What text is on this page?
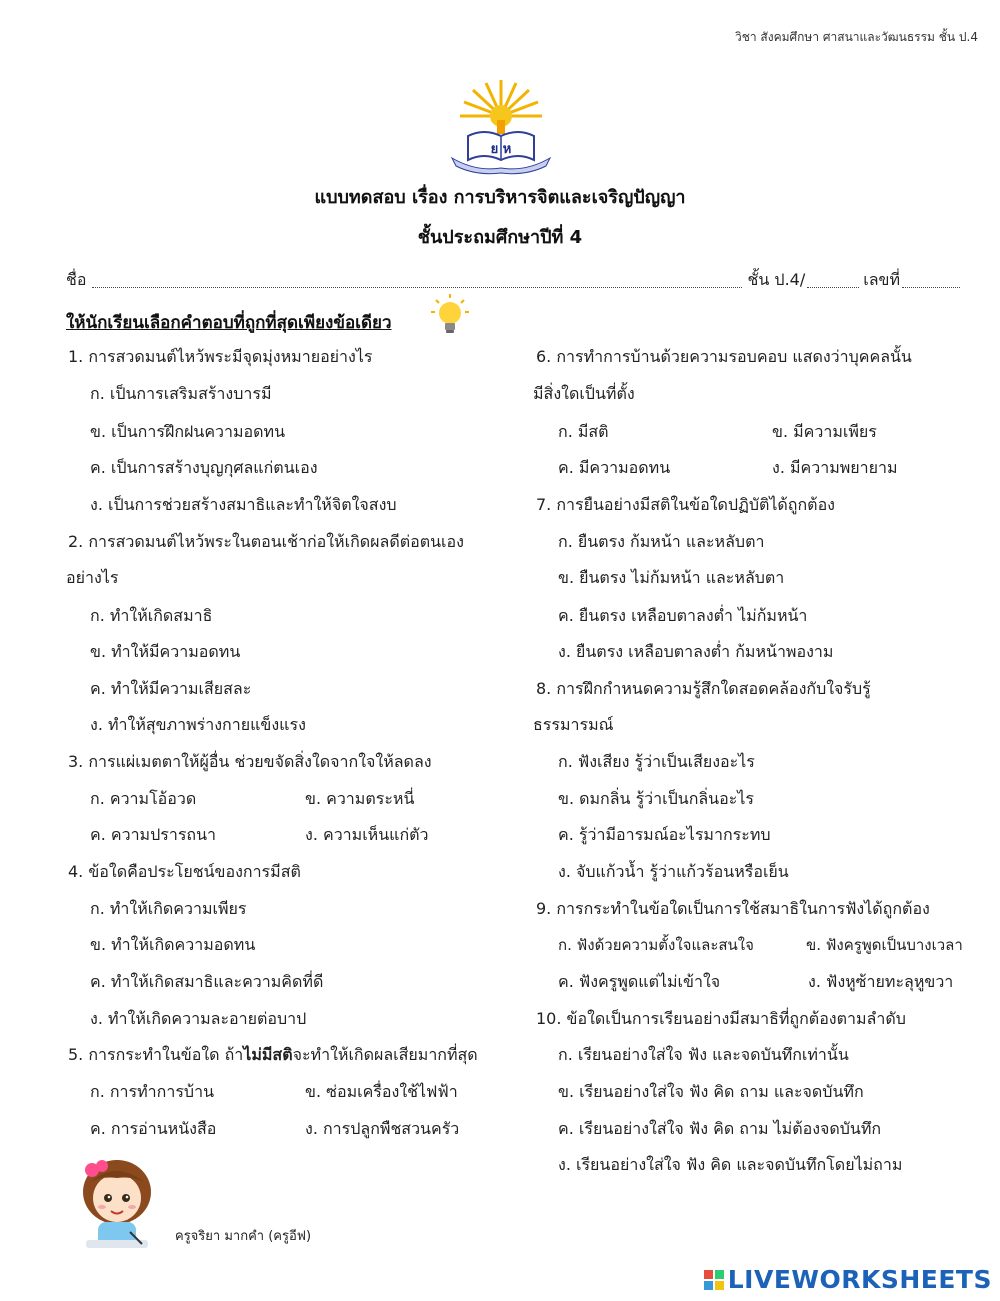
วิชา สังคมศึกษา ศาสนาและวัฒนธรรม ชั้น ป.4
ย ห
แบบทดสอบ เรื่อง การบริหารจิตและเจริญปัญญา
ชั้นประถมศึกษาปีที่ 4
ชื่อ	ชั้น ป.4/	เลขที่
ให้นักเรียนเลือกคำตอบที่ถูกที่สุดเพียงข้อเดียว
1. การสวดมนต์ไหว้พระมีจุดมุ่งหมายอย่างไร
ก. เป็นการเสริมสร้างบารมี
ข. เป็นการฝึกฝนความอดทน
ค. เป็นการสร้างบุญกุศลแก่ตนเอง
ง. เป็นการช่วยสร้างสมาธิและทำให้จิตใจสงบ
2. การสวดมนต์ไหว้พระในตอนเช้าก่อให้เกิดผลดีต่อตนเอง
อย่างไร
ก. ทำให้เกิดสมาธิ
ข. ทำให้มีความอดทน
ค. ทำให้มีความเสียสละ
ง. ทำให้สุขภาพร่างกายแข็งแรง
3. การแผ่เมตตาให้ผู้อื่น ช่วยขจัดสิ่งใดจากใจให้ลดลง
ก. ความโอ้อวด	ข. ความตระหนี่
ค. ความปรารถนา	ง. ความเห็นแก่ตัว
4. ข้อใดคือประโยชน์ของการมีสติ
ก. ทำให้เกิดความเพียร
ข. ทำให้เกิดความอดทน
ค. ทำให้เกิดสมาธิและความคิดที่ดี
ง. ทำให้เกิดความละอายต่อบาป
5. การกระทำในข้อใด ถ้าไม่มีสติจะทำให้เกิดผลเสียมากที่สุด
ก. การทำการบ้าน	ข. ซ่อมเครื่องใช้ไฟฟ้า
ค. การอ่านหนังสือ	ง. การปลูกพืชสวนครัว
6. การทำการบ้านด้วยความรอบคอบ แสดงว่าบุคคลนั้น
มีสิ่งใดเป็นที่ตั้ง
ก. มีสติ	ข. มีความเพียร
ค. มีความอดทน	ง. มีความพยายาม
7. การยืนอย่างมีสติในข้อใดปฏิบัติได้ถูกต้อง
ก. ยืนตรง ก้มหน้า และหลับตา
ข. ยืนตรง ไม่ก้มหน้า และหลับตา
ค. ยืนตรง เหลือบตาลงต่ำ ไม่ก้มหน้า
ง. ยืนตรง เหลือบตาลงต่ำ ก้มหน้าพองาม
8. การฝึกกำหนดความรู้สึกใดสอดคล้องกับใจรับรู้
ธรรมารมณ์
ก. ฟังเสียง รู้ว่าเป็นเสียงอะไร
ข. ดมกลิ่น รู้ว่าเป็นกลิ่นอะไร
ค. รู้ว่ามีอารมณ์อะไรมากระทบ
ง. จับแก้วน้ำ รู้ว่าแก้วร้อนหรือเย็น
9. การกระทำในข้อใดเป็นการใช้สมาธิในการฟังได้ถูกต้อง
ก. ฟังด้วยความตั้งใจและสนใจ	ข. ฟังครูพูดเป็นบางเวลา
ค. ฟังครูพูดแต่ไม่เข้าใจ	ง. ฟังหูซ้ายทะลุหูขวา
10. ข้อใดเป็นการเรียนอย่างมีสมาธิที่ถูกต้องตามลำดับ
ก. เรียนอย่างใส่ใจ ฟัง และจดบันทึกเท่านั้น
ข. เรียนอย่างใส่ใจ ฟัง คิด ถาม และจดบันทึก
ค. เรียนอย่างใส่ใจ ฟัง คิด ถาม ไม่ต้องจดบันทึก
ง. เรียนอย่างใส่ใจ ฟัง คิด และจดบันทึกโดยไม่ถาม
ครูจริยา มากคำ (ครูอีฟ)
LIVEWORKSHEETS
